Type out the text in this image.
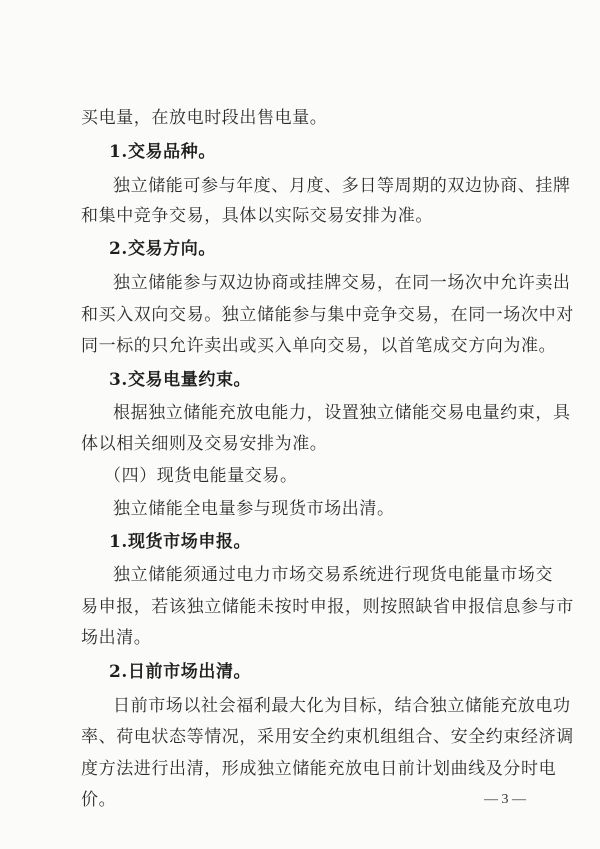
买电量，在放电时段出售电量。
1.交易品种。
独立储能可参与年度、月度、多日等周期的双边协商、挂牌
和集中竞争交易，具体以实际交易安排为准。
2.交易方向。
独立储能参与双边协商或挂牌交易，在同一场次中允许卖出
和买入双向交易。独立储能参与集中竞争交易，在同一场次中对
同一标的只允许卖出或买入单向交易，以首笔成交方向为准。
3.交易电量约束。
根据独立储能充放电能力，设置独立储能交易电量约束，具
体以相关细则及交易安排为准。
（四）现货电能量交易。
独立储能全电量参与现货市场出清。
1.现货市场申报。
独立储能须通过电力市场交易系统进行现货电能量市场交
易申报，若该独立储能未按时申报，则按照缺省申报信息参与市
场出清。
2.日前市场出清。
日前市场以社会福利最大化为目标，结合独立储能充放电功
率、荷电状态等情况，采用安全约束机组组合、安全约束经济调
度方法进行出清，形成独立储能充放电日前计划曲线及分时电
价。	— 3 —
